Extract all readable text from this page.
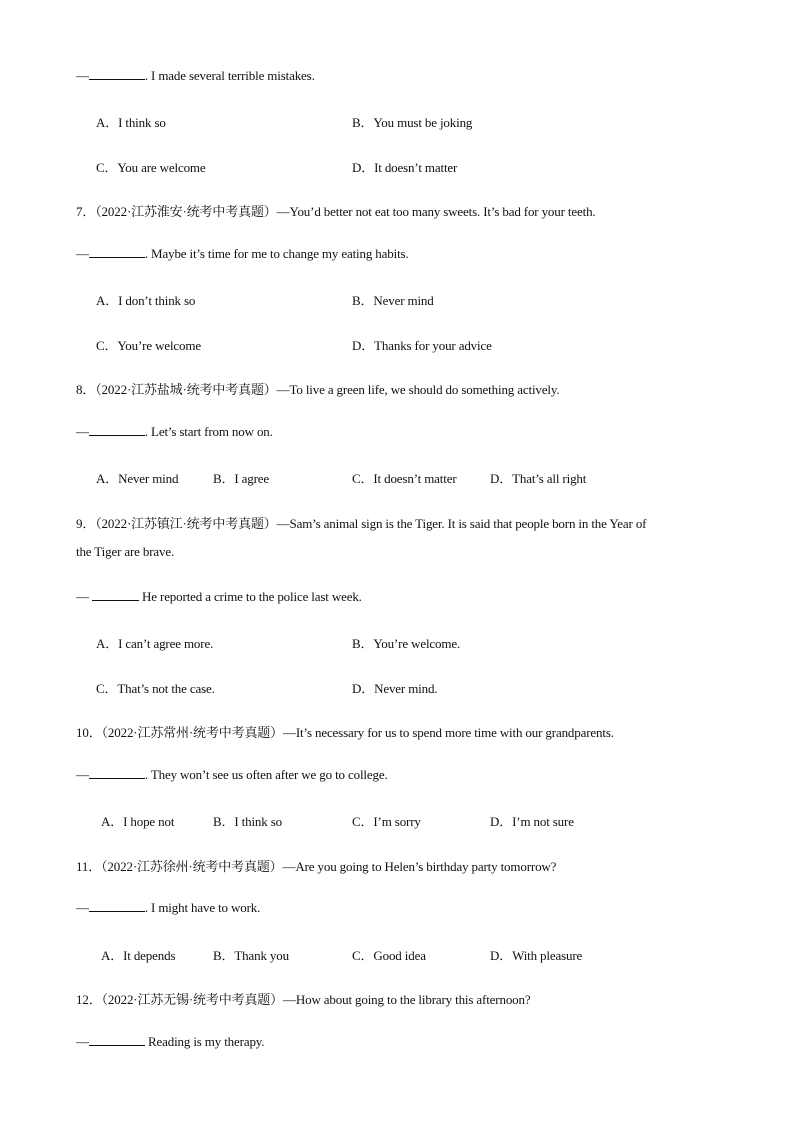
—	. I made several terrible mistakes.
A．I think so	B．You must be joking
C．You are welcome	D．It doesn’t matter
7．（2022·江苏淮安·统考中考真题）—You’d better not eat too many sweets. It’s bad for your teeth.
—	. Maybe it’s time for me to change my eating habits.
A．I don’t think so	B．Never mind
C．You’re welcome	D．Thanks for your advice
8．（2022·江苏盐城·统考中考真题）—To live a green life, we should do something actively.
—	. Let’s start from now on.
A．Never mind	B．I agree	C．It doesn’t matter	D．That’s all right
9．（2022·江苏镇江·统考中考真题）—Sam’s animal sign is the Tiger. It is said that people born in the Year of
the Tiger are brave.
—	He reported a crime to the police last week.
A．I can’t agree more.	B．You’re welcome.
C．That’s not the case.	D．Never mind.
10．（2022·江苏常州·统考中考真题）—It’s necessary for us to spend more time with our grandparents.
—	. They won’t see us often after we go to college.
A．I hope not	B．I think so	C．I’m sorry	D．I’m not sure
11．（2022·江苏徐州·统考中考真题）—Are you going to Helen’s birthday party tomorrow?
—	. I might have to work.
A．It depends	B．Thank you	C．Good idea	D．With pleasure
12．（2022·江苏无锡·统考中考真题）—How about going to the library this afternoon?
—	Reading is my therapy.
